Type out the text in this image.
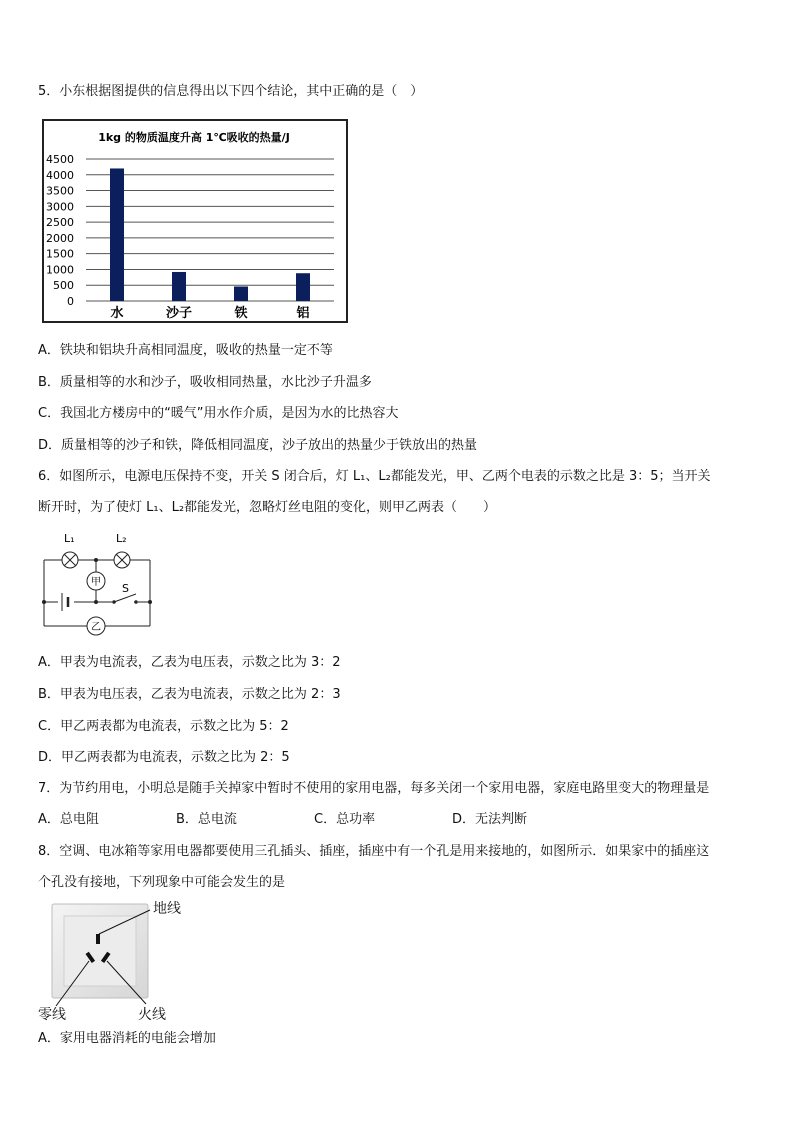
5．小东根据图提供的信息得出以下四个结论，其中正确的是（　）
1kg 的物质温度升高 1℃吸收的热量/J
0
500
1000
1500
2000
2500
3000
3500
4000
4500
水	沙子	铁	铝
A．铁块和铝块升高相同温度，吸收的热量一定不等
B．质量相等的水和沙子，吸收相同热量，水比沙子升温多
C．我国北方楼房中的“暖气”用水作介质，是因为水的比热容大
D．质量相等的沙子和铁，降低相同温度，沙子放出的热量少于铁放出的热量
6．如图所示，电源电压保持不变，开关 S 闭合后，灯 L₁、L₂都能发光，甲、乙两个电表的示数之比是 3：5；当开关
断开时，为了使灯 L₁、L₂都能发光，忽略灯丝电阻的变化，则甲乙两表（　　）
L₁	L₂
甲 S
乙
A．甲表为电流表，乙表为电压表，示数之比为 3：2
B．甲表为电压表，乙表为电流表，示数之比为 2：3
C．甲乙两表都为电流表，示数之比为 5：2
D．甲乙两表都为电流表，示数之比为 2：5
7．为节约用电，小明总是随手关掉家中暂时不使用的家用电器，每多关闭一个家用电器，家庭电路里变大的物理量是
A．总电阻	B．总电流	C．总功率	D．无法判断
8．空调、电冰箱等家用电器都要使用三孔插头、插座，插座中有一个孔是用来接地的，如图所示．如果家中的插座这
个孔没有接地，下列现象中可能会发生的是
地线
零线	火线
A．家用电器消耗的电能会增加
